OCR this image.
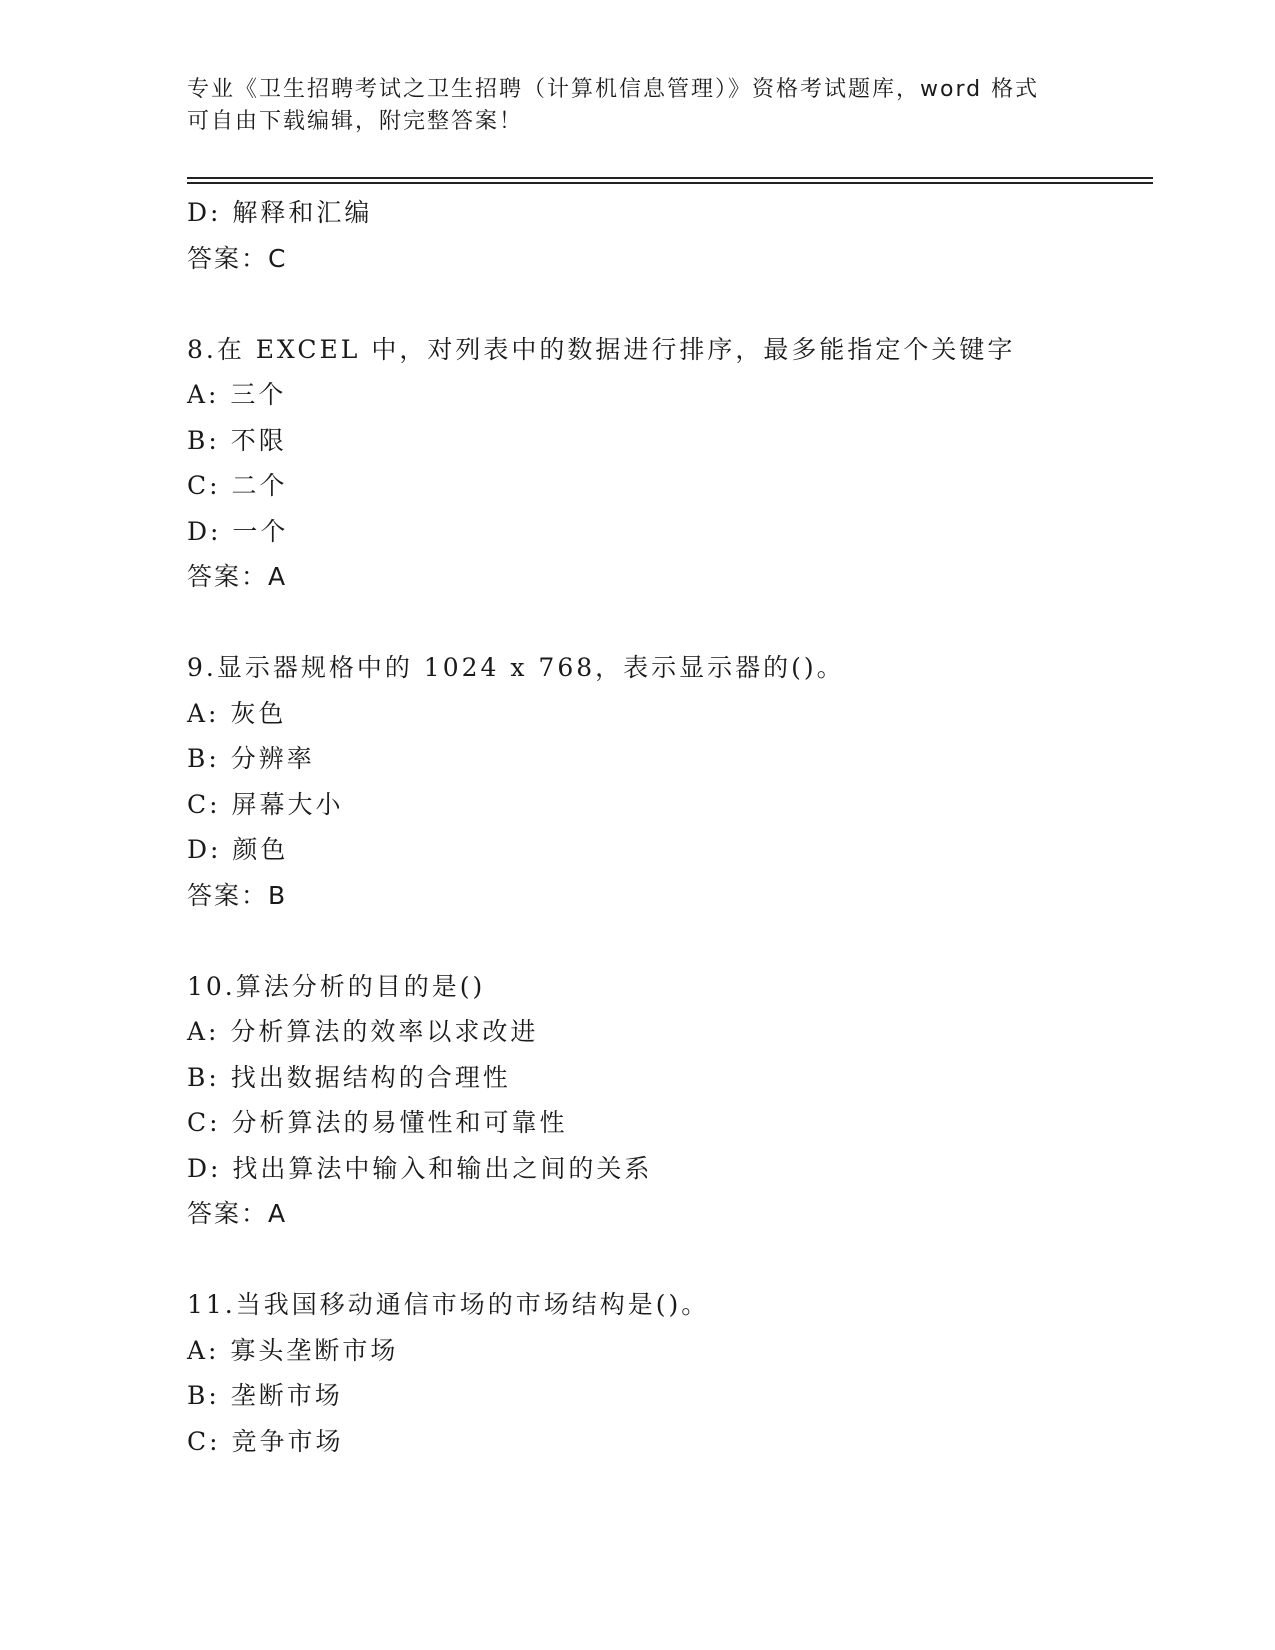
专业《卫生招聘考试之卫生招聘（计算机信息管理）》资格考试题库，word 格式
可自由下载编辑，附完整答案！
D: 解释和汇编
答案：C
8.在 EXCEL 中，对列表中的数据进行排序，最多能指定个关键字
A: 三个
B: 不限
C: 二个
D: 一个
答案：A
9.显示器规格中的 1024 x 768，表示显示器的()。
A: 灰色
B: 分辨率
C: 屏幕大小
D: 颜色
答案：B
10.算法分析的目的是()
A: 分析算法的效率以求改进
B: 找出数据结构的合理性
C: 分析算法的易懂性和可靠性
D: 找出算法中输入和输出之间的关系
答案：A
11.当我国移动通信市场的市场结构是()。
A: 寡头垄断市场
B: 垄断市场
C: 竞争市场
